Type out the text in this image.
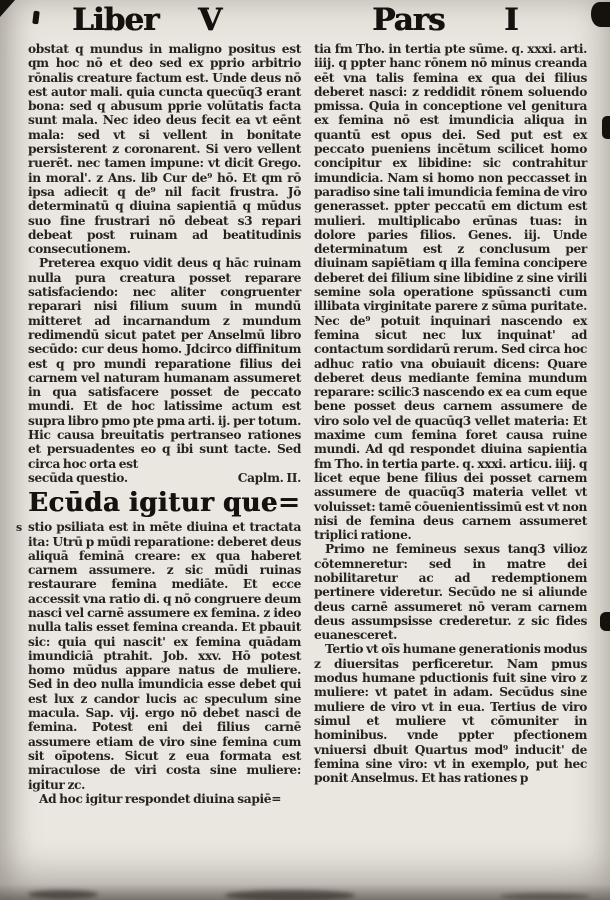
Liber V	Pars I

obstat q mundus in maligno positus est qm hoc nō et deo sed ex pprio arbitrio rōnalis creature factum est. Unde deus nō est autor mali. quia cuncta quecūq3 erant bona: sed q abusum pprie volūtatis facta sunt mala. Nec ideo deus fecit ea vt eēnt mala: sed vt si vellent in bonitate persisterent z coronarent. Si vero vellent ruerēt. nec tamen impune: vt dicit Grego. in moral'. z Ans. lib Cur de⁹ hō. Et qm rō ipsa adiecit q de⁹ nil facit frustra. Jō determinatū q diuina sapientiā q mūdus suo fine frustrari nō debeat s3 repari debeat post ruinam ad beatitudinis consecutionem.

Preterea exquo vidit deus q hāc ruinam nulla pura creatura posset reparare satisfaciendo: nec aliter congruenter reparari nisi filium suum in mundū mitteret ad incarnandum z mundum redimendū sicut patet per Anselmū libro secūdo: cur deus homo. Jdcirco diffinitum est q pro mundi reparatione filius dei carnem vel naturam humanam assumeret in qua satisfacere posset de peccato mundi. Et de hoc latissime actum est supra libro pmo pte pma arti. ij. per totum. Hic causa breuitatis pertranseo rationes et persuadentes eo q ibi sunt tacte. Sed circa hoc orta est

secūda questio.	Caplm. II.
Ecūda igitur que=

s stio psiliata est in mēte diuina et tractata ita: Utrū p mūdi reparatione: deberet deus aliquā feminā creare: ex qua haberet carnem assumere. z sic mūdi ruinas restaurare femina mediāte. Et ecce accessit vna ratio di. q nō congruere deum nasci vel carnē assumere ex femina. z ideo nulla talis esset femina creanda. Et pbauit sic: quia qui nascit' ex femina quādam imundiciā ptrahit. Job. xxv. Hō potest homo mūdus appare natus de muliere. Sed in deo nulla imundicia esse debet qui est lux z candor lucis ac speculum sine macula. Sap. vij. ergo nō debet nasci de femina. Potest eni dei filius carnē assumere etiam de viro sine femina cum sit oīpotens. Sicut z eua formata est miraculose de viri costa sine muliere: igitur zc.

Ad hoc igitur respondet diuina sapiē=

tia fm Tho. in tertia pte sūme. q. xxxi. arti. iiij. q ppter hanc rōnem nō minus creanda eēt vna talis femina ex qua dei filius deberet nasci: z reddidit rōnem soluendo pmissa. Quia in conceptione vel genitura ex femina nō est imundicia aliqua in quantū est opus dei. Sed put est ex peccato pueniens incētum scilicet homo concipitur ex libidine: sic contrahitur imundicia. Nam si homo non peccasset in paradiso sine tali imundicia femina de viro generasset. ppter peccatū em dictum est mulieri. multiplicabo erūnas tuas: in dolore paries filios. Genes. iij. Unde determinatum est z conclusum per diuinam sapiētiam q illa femina concipere deberet dei filium sine libidine z sine virili semine sola operatione spūssancti cum illibata virginitate parere z sūma puritate. Nec de⁹ potuit inquinari nascendo ex femina sicut nec lux inquinat' ad contactum sordidarū rerum. Sed circa hoc adhuc ratio vna obuiauit dicens: Quare deberet deus mediante femina mundum reparare: scilic3 nascendo ex ea cum eque bene posset deus carnem assumere de viro solo vel de quacūq3 vellet materia: Et maxime cum femina foret causa ruine mundi. Ad qd respondet diuina sapientia fm Tho. in tertia parte. q. xxxi. articu. iiij. q licet eque bene filius dei posset carnem assumere de quacūq3 materia vellet vt voluisset: tamē cōuenientissimū est vt non nisi de femina deus carnem assumeret triplici ratione.

Primo ne femineus sexus tanq3 vilioz cōtemneretur: sed in matre dei nobilitaretur ac ad redemptionem pertinere videretur. Secūdo ne si aliunde deus carnē assumeret nō veram carnem deus assumpsisse crederetur. z sic fides euanesceret.

Tertio vt oīs humane generationis modus z diuersitas perficeretur. Nam pmus modus humane pductionis fuit sine viro z muliere: vt patet in adam. Secūdus sine muliere de viro vt in eua. Tertius de viro simul et muliere vt cōmuniter in hominibus. vnde ppter pfectionem vniuersi dbuit Quartus mod⁹ inducit' de femina sine viro: vt in exemplo, put hec ponit Anselmus. Et has rationes p
